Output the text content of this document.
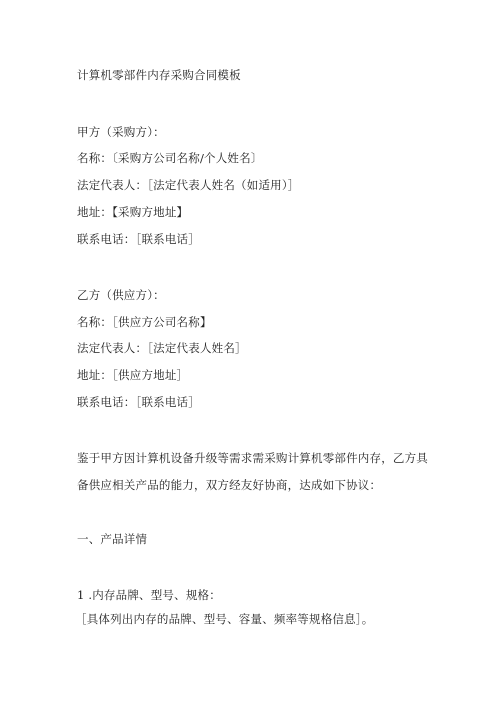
计算机零部件内存采购合同模板
甲方（采购方）：
名称：〔采购方公司名称/个人姓名〕
法定代表人：［法定代表人姓名（如适用）］
地址：【采购方地址】
联系电话：［联系电话］
乙方（供应方）：
名称：［供应方公司名称】
法定代表人：［法定代表人姓名］
地址：［供应方地址］
联系电话：［联系电话］
鉴于甲方因计算机设备升级等需求需采购计算机零部件内存，乙方具
备供应相关产品的能力，双方经友好协商，达成如下协议：
一、产品详情
1 .内存品牌、型号、规格：
［具体列出内存的品牌、型号、容量、频率等规格信息］。
